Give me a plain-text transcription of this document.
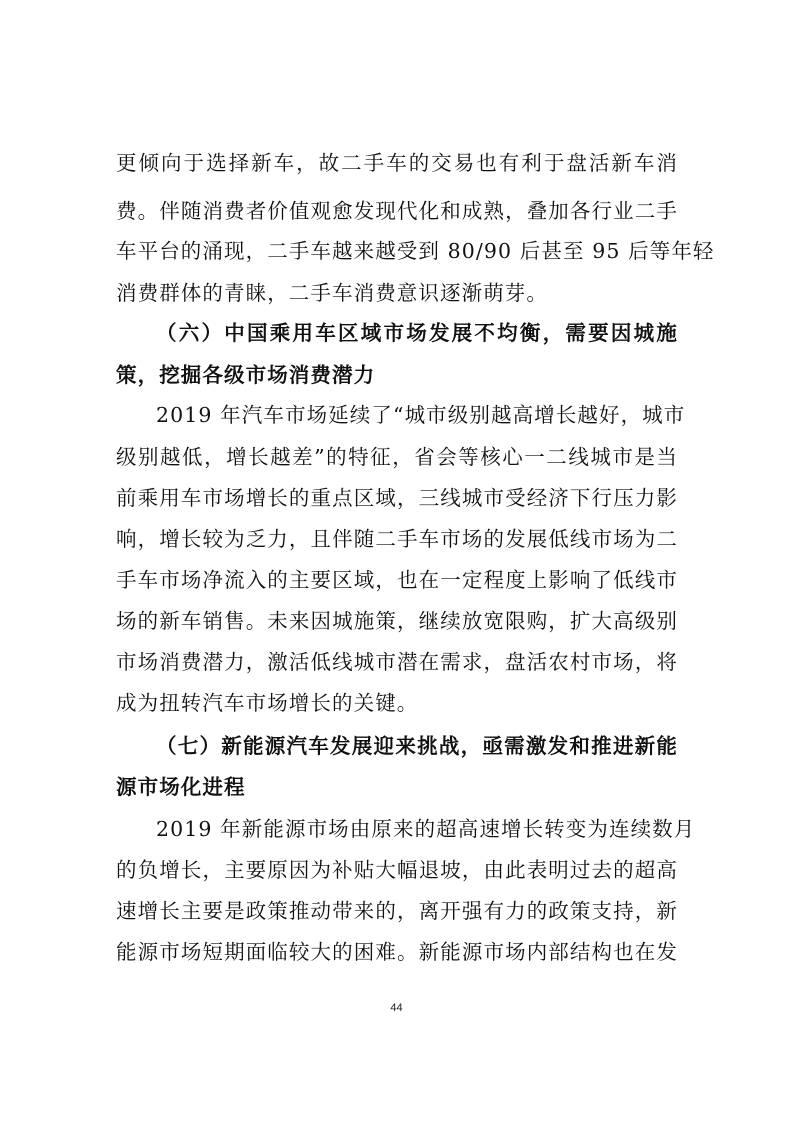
更倾向于选择新车，故二手车的交易也有利于盘活新车消
费。伴随消费者价值观愈发现代化和成熟，叠加各行业二手
车平台的涌现，二手车越来越受到 80/90 后甚至 95 后等年轻
消费群体的青睐，二手车消费意识逐渐萌芽。
（六）中国乘用车区域市场发展不均衡，需要因城施
策，挖掘各级市场消费潜力
2019 年汽车市场延续了“城市级别越高增长越好，城市
级别越低，增长越差”的特征，省会等核心一二线城市是当
前乘用车市场增长的重点区域，三线城市受经济下行压力影
响，增长较为乏力，且伴随二手车市场的发展低线市场为二
手车市场净流入的主要区域，也在一定程度上影响了低线市
场的新车销售。未来因城施策，继续放宽限购，扩大高级别
市场消费潜力，激活低线城市潜在需求，盘活农村市场，将
成为扭转汽车市场增长的关键。
（七）新能源汽车发展迎来挑战，亟需激发和推进新能
源市场化进程
2019 年新能源市场由原来的超高速增长转变为连续数月
的负增长，主要原因为补贴大幅退坡，由此表明过去的超高
速增长主要是政策推动带来的，离开强有力的政策支持，新
能源市场短期面临较大的困难。新能源市场内部结构也在发
44
